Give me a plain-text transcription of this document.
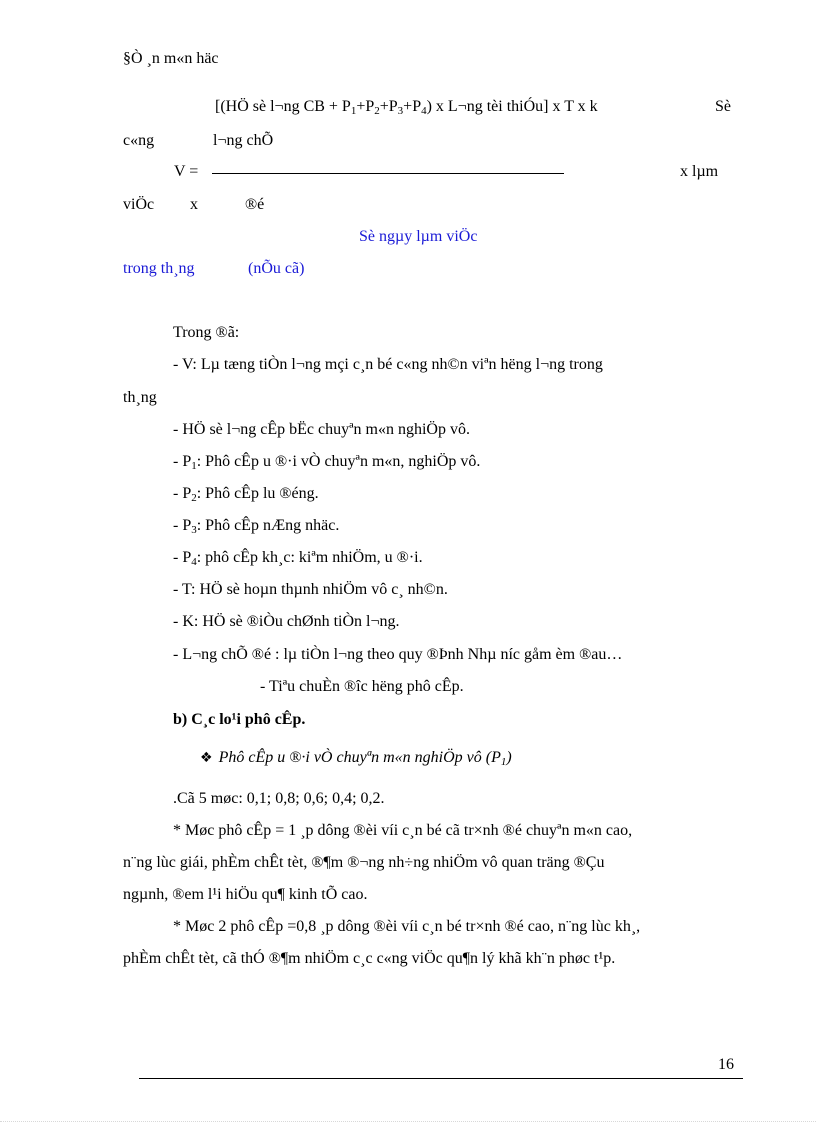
§Ò ¸n m«n häc
[(HÖ sè l¬ng CB + $P_1+P_2+P_3+P_4$) x L¬ng tèi thiÓu] x T x k	Sè
c«ng	l¬ng chÕ
V =	x lµm
viÖc x	®é
Sè ngµy lµm viÖc
trong th¸ng	(nÕu cã)
Trong ®ã:
- V: Lµ tæng tiÒn l¬ng mçi c¸n bé c«ng nh©n viªn hëng l¬ng trong
th¸ng
- HÖ sè l¬ng cÊp bËc chuyªn m«n nghiÖp vô.
- $P_1$: Phô cÊp u ®·i vÒ chuyªn m«n, nghiÖp vô.
- $P_2$: Phô cÊp lu ®éng.
- $P_3$: Phô cÊp nÆng nhäc.
- $P_4$: phô cÊp kh¸c: kiªm nhiÖm, u ®·i.
- T: HÖ sè hoµn thµnh nhiÖm vô c¸ nh©n.
- K: HÖ sè ®iÒu chØnh tiÒn l¬ng.
- L¬ng chÕ ®é : lµ tiÒn l¬ng theo quy ®Þnh Nhµ níc gåm èm ®au…
- Tiªu chuÈn ®îc hëng phô cÊp.
b) C¸c lo¹i phô cÊp.
❖ Phô cÊp u ®·i vÒ chuyªn m«n nghiÖp vô $(P_1)$
.Cã 5 møc: 0,1; 0,8; 0,6; 0,4; 0,2.
* Møc phô cÊp = 1 ¸p dông ®èi víi c¸n bé cã tr×nh ®é chuyªn m«n cao,
n¨ng lùc giái, phÈm chÊt tèt, ®¶m ®¬ng nh÷ng nhiÖm vô quan träng ®Çu
ngµnh, ®em l¹i hiÖu qu¶ kinh tÕ cao.
* Møc 2 phô cÊp =0,8 ¸p dông ®èi víi c¸n bé tr×nh ®é cao, n¨ng lùc kh¸,
phÈm chÊt tèt, cã thÓ ®¶m nhiÖm c¸c c«ng viÖc qu¶n lý khã kh¨n phøc t¹p.
16
